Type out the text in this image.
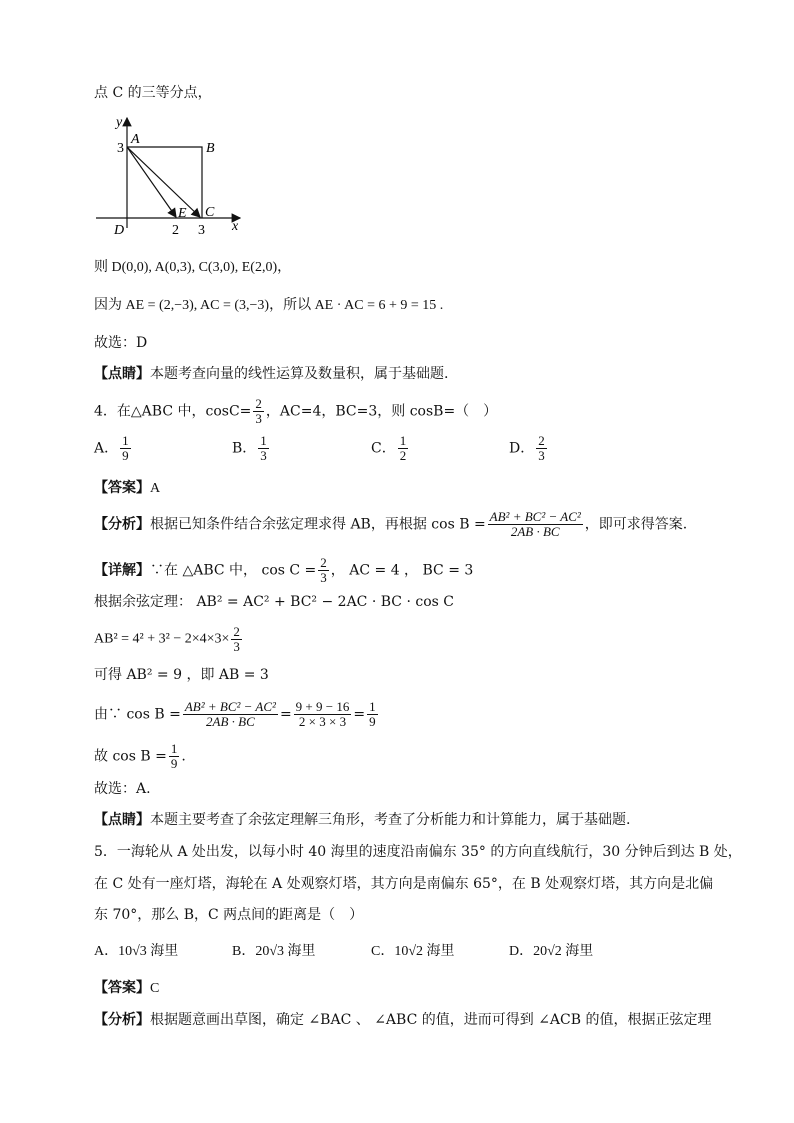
点 C 的三等分点，
y
A
3	B
E C
x
D	2 3
则 D(0,0), A(0,3), C(3,0), E(2,0)，
因为 AE = (2,−3), AC = (3,−3)，所以 AE · AC = 6 + 9 = 15 .
故选：D
【点睛】本题考查向量的线性运算及数量积，属于基础题.
4．在△ABC 中，$\cos C= \frac{2}{3}$ ，AC=4，BC=3，则 cosB=（　）
A． $\frac{1}{9}$	B． $\frac{1}{3}$	C． $\frac{1}{2}$	D． $\frac{2}{3}$
【答案】A
【分析】根据已知条件结合余弦定理求得 AB，再根据 $\cos B = \frac{\text{AB² + BC² − AC²}}{2AB \cdot BC}$ ，即可求得答案.
【详解】∵在 △ABC 中， $\cos C = \frac{2}{3}$ ， AC = 4 ， BC = 3
根据余弦定理： AB² = AC² + BC² − 2AC · BC · cos C
$AB^2 = 4^2 + 3^2 - 2\times 4\times 3\times \frac{2}{3}$
可得 AB² = 9 ，即 AB = 3
由∵ $\cos B = \frac{\text{AB² + BC² − AC²}}{2AB \cdot BC} = \frac{9 + 9 - 16}{2 \times 3 \times 3} = \frac{1}{9}$
故 $\cos B = \frac{1}{9}$ .
故选：A.
【点睛】本题主要考查了余弦定理解三角形，考查了分析能力和计算能力，属于基础题.
5．一海轮从 A 处出发，以每小时 40 海里的速度沿南偏东 35° 的方向直线航行，30 分钟后到达 B 处，
在 C 处有一座灯塔，海轮在 A 处观察灯塔，其方向是南偏东 65°，在 B 处观察灯塔，其方向是北偏
东 70°，那么 B，C 两点间的距离是（　）
A．10√3 海里	B．20√3 海里	C．10√2 海里	D．20√2 海里
【答案】C
【分析】根据题意画出草图，确定 ∠BAC 、 ∠ABC 的值，进而可得到 ∠ACB 的值，根据正弦定理
